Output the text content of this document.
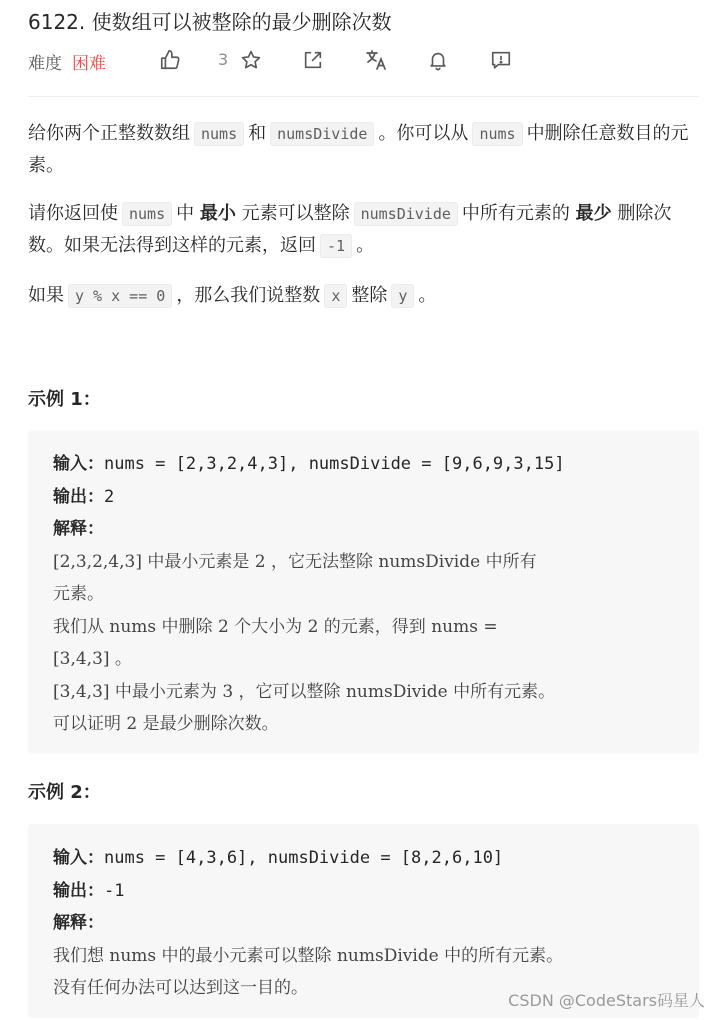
6122. 使数组可以被整除的最少删除次数
难度 困难	3
给你两个正整数数组 nums 和 numsDivide 。你可以从 nums 中删除任意数目的元素。
请你返回使 nums 中 最小 元素可以整除 numsDivide 中所有元素的 最少 删除次数。如果无法得到这样的元素，返回 -1 。
如果 y % x == 0 ，那么我们说整数 x 整除 y 。
示例 1：
输入：nums = [2,3,2,4,3], numsDivide = [9,6,9,3,15]
输出：2
解释：
[2,3,2,4,3] 中最小元素是 2 ，它无法整除 numsDivide 中所有
元素。
我们从 nums 中删除 2 个大小为 2 的元素，得到 nums =
[3,4,3] 。
[3,4,3] 中最小元素为 3 ，它可以整除 numsDivide 中所有元素。
可以证明 2 是最少删除次数。
示例 2：
输入：nums = [4,3,6], numsDivide = [8,2,6,10]
输出：-1
解释：
我们想 nums 中的最小元素可以整除 numsDivide 中的所有元素。
没有任何办法可以达到这一目的。
CSDN @CodeStars码星人
